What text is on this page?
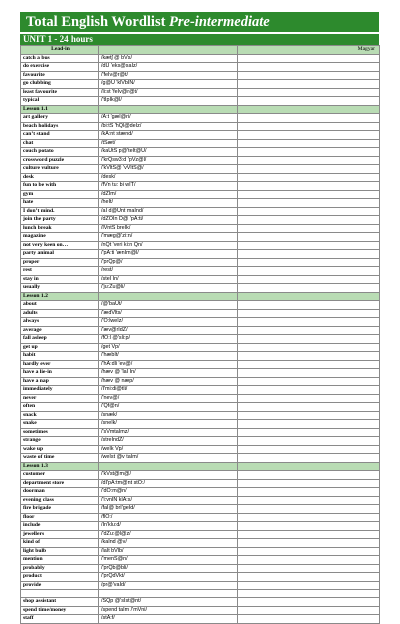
Total English Wordlist Pre-intermediate
UNIT 1 - 24 hours
Lead-in		Magyar
catch a bus	/kætʃ @ bVs/	
do exercise	/dU 'eks@saIz/	
favourite	/'feIv@r@t/	
go clubbing	/g@U 'klVbIN/	
least favourite	/li:st 'feIv@r@t/	
typical	/'tIpIk@l/	
Lesson 1.1		
art gallery	/A:t 'gæl@ri/	
beach holidays	/bi:tS 'hQl@deIz/	
can’t stand	/kA:nt stænd/	
chat	/tSæt/	
couch potato	/kaUtS p@'teIt@U/	
crossword puzzle	/'krQsw3:d 'pVz@l/	
culture vulture	/'kVltS@ 'vVltS@/	
desk	/desk/	
fun to be with	/fVn tu: bi wIT/	
gym	/dZIm/	
hate	/heIt/	
I don’t mind.	/aI d@Unt maInd/	
join the party	/dZOIn D@ 'pA:ti/	
lunch break	/lVntS breIk/	
magazine	/'mæg@'zi:n/	
not very keen on…	/nQt 'veri ki:n Qn/	
party animal	/'pA:ti 'ænIm@l/	
proper	/'prQp@/	
rest	/rest/	
stay in	/steI In/	
usually	/'ju:Zu@li/	
Lesson 1.2		
about	/@'baUt/	
adults	/'ædVlts/	
always	/'O:lweIz/	
average	/'æv@rIdZ/	
fall asleep	/fO:l @'sli:p/	
get up	/get Vp/	
habit	/'hæbIt/	
hardly ever	/'hA:dli 'ev@/	
have a lie-in	/hæv @ 'laI In/	
have a nap	/hæv @ næp/	
immediately	/I'mi:di@tli/	
never	/'nev@/	
often	/'Qf@n/	
snack	/snæk/	
snake	/sneIk/	
sometimes	/'sVmtaImz/	
strange	/streIndZ/	
wake up	/weIk Vp/	
waste of time	/weIst @v taIm/	
Lesson 1.3		
customer	/'kVst@m@/	
department store	/dI'pA:tm@nt stO:/	
doorman	/'dO:m@n/	
evening class	/'i:vnIN klA:s/	
fire brigade	/faI@ brI'geId/	
floor	/flO:/	
include	/In'klu:d/	
jewellers	/'dZu:@l@z/	
kind of	/kaInd @v/	
light bulb	/laIt bVlb/	
mention	/'menS@n/	
probably	/'prQb@bli/	
product	/'prQdVkt/	
provide	/pr@'vaId/	

shop assistant	/SQp @'sIst@nt/	
spend time/money	/spend taIm /'mVni/	
staff	/stA:f/	
